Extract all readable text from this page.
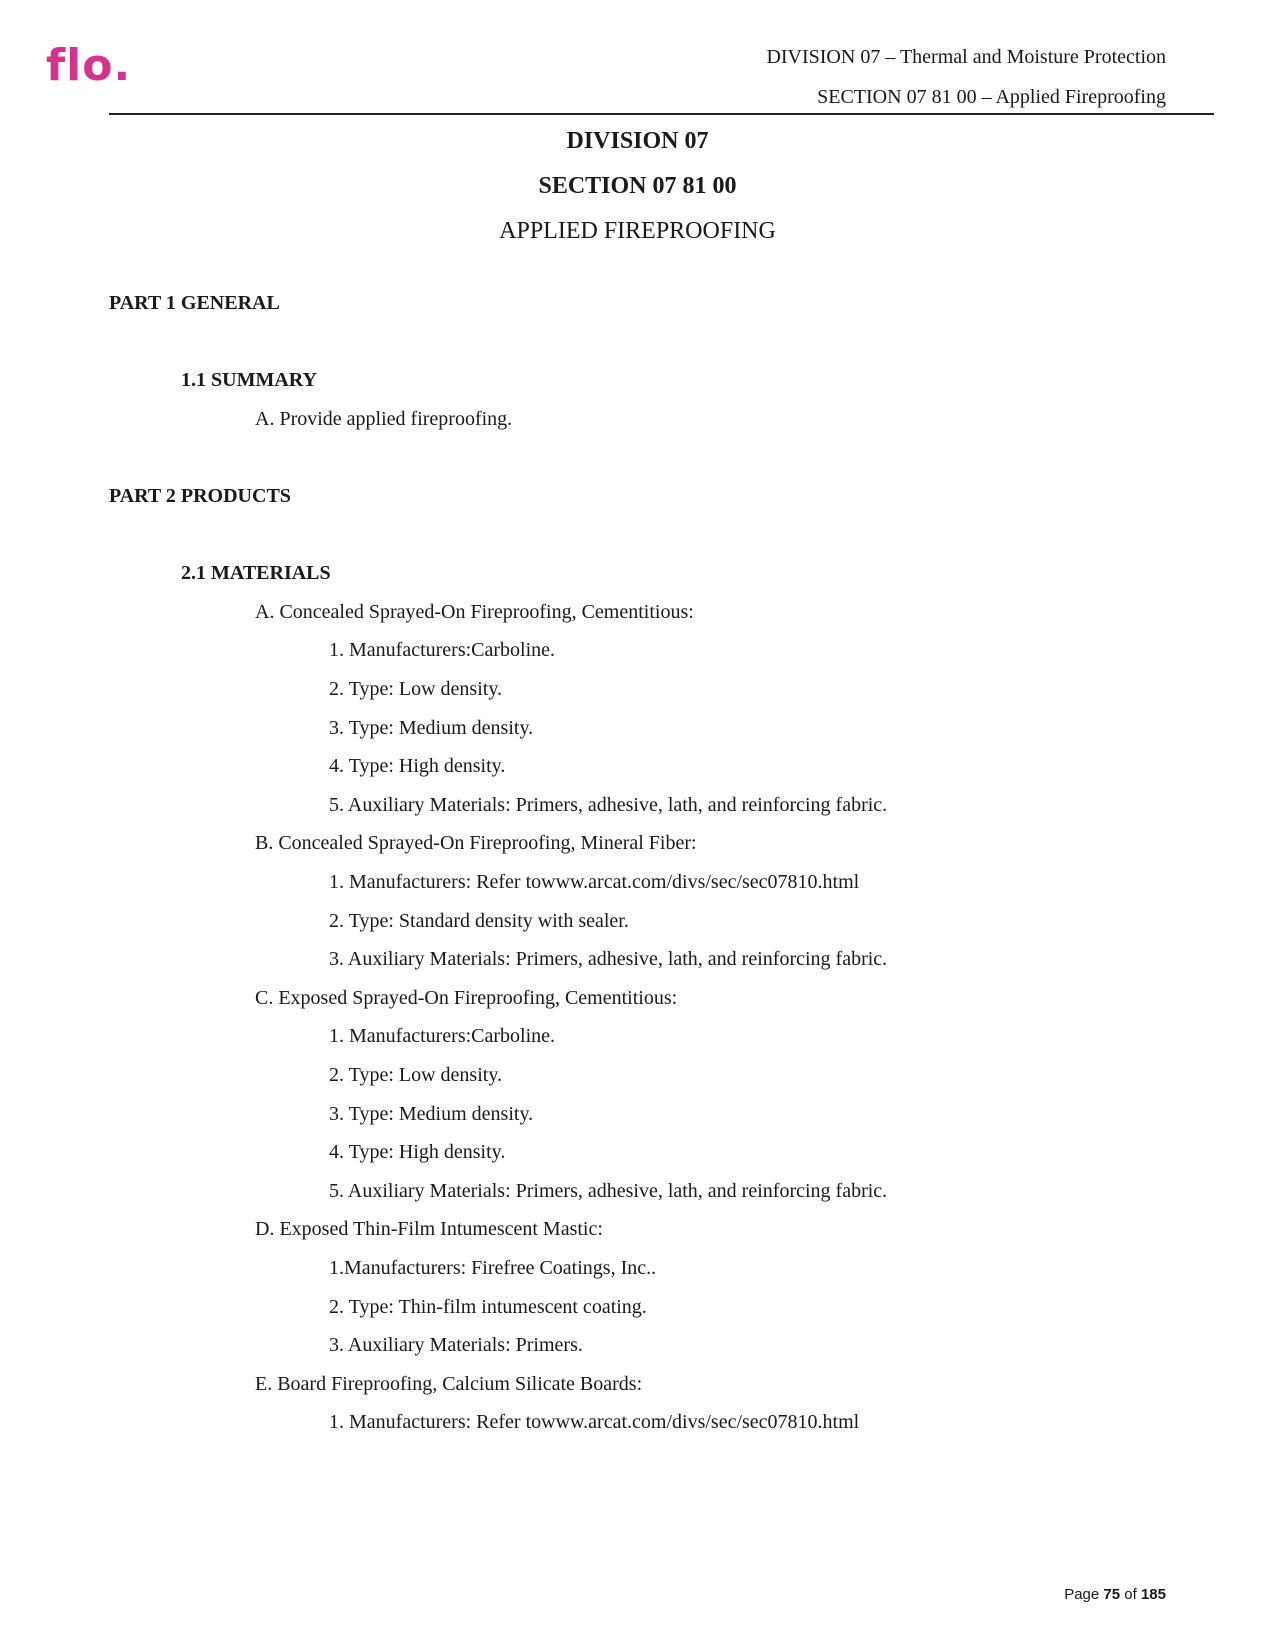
flo.	DIVISION 07 – Thermal and Moisture Protection
SECTION 07 81 00 – Applied Fireproofing
DIVISION 07
SECTION 07 81 00
APPLIED FIREPROOFING
PART 1 GENERAL
1.1 SUMMARY
A. Provide applied fireproofing.
PART 2 PRODUCTS
2.1 MATERIALS
A. Concealed Sprayed-On Fireproofing, Cementitious:
1. Manufacturers:Carboline.
2. Type: Low density.
3. Type: Medium density.
4. Type: High density.
5. Auxiliary Materials: Primers, adhesive, lath, and reinforcing fabric.
B. Concealed Sprayed-On Fireproofing, Mineral Fiber:
1. Manufacturers: Refer towww.arcat.com/divs/sec/sec07810.html
2. Type: Standard density with sealer.
3. Auxiliary Materials: Primers, adhesive, lath, and reinforcing fabric.
C. Exposed Sprayed-On Fireproofing, Cementitious:
1. Manufacturers:Carboline.
2. Type: Low density.
3. Type: Medium density.
4. Type: High density.
5. Auxiliary Materials: Primers, adhesive, lath, and reinforcing fabric.
D. Exposed Thin-Film Intumescent Mastic:
1.Manufacturers: Firefree Coatings, Inc..
2. Type: Thin-film intumescent coating.
3. Auxiliary Materials: Primers.
E. Board Fireproofing, Calcium Silicate Boards:
1. Manufacturers: Refer towww.arcat.com/divs/sec/sec07810.html
Page 75 of 185
